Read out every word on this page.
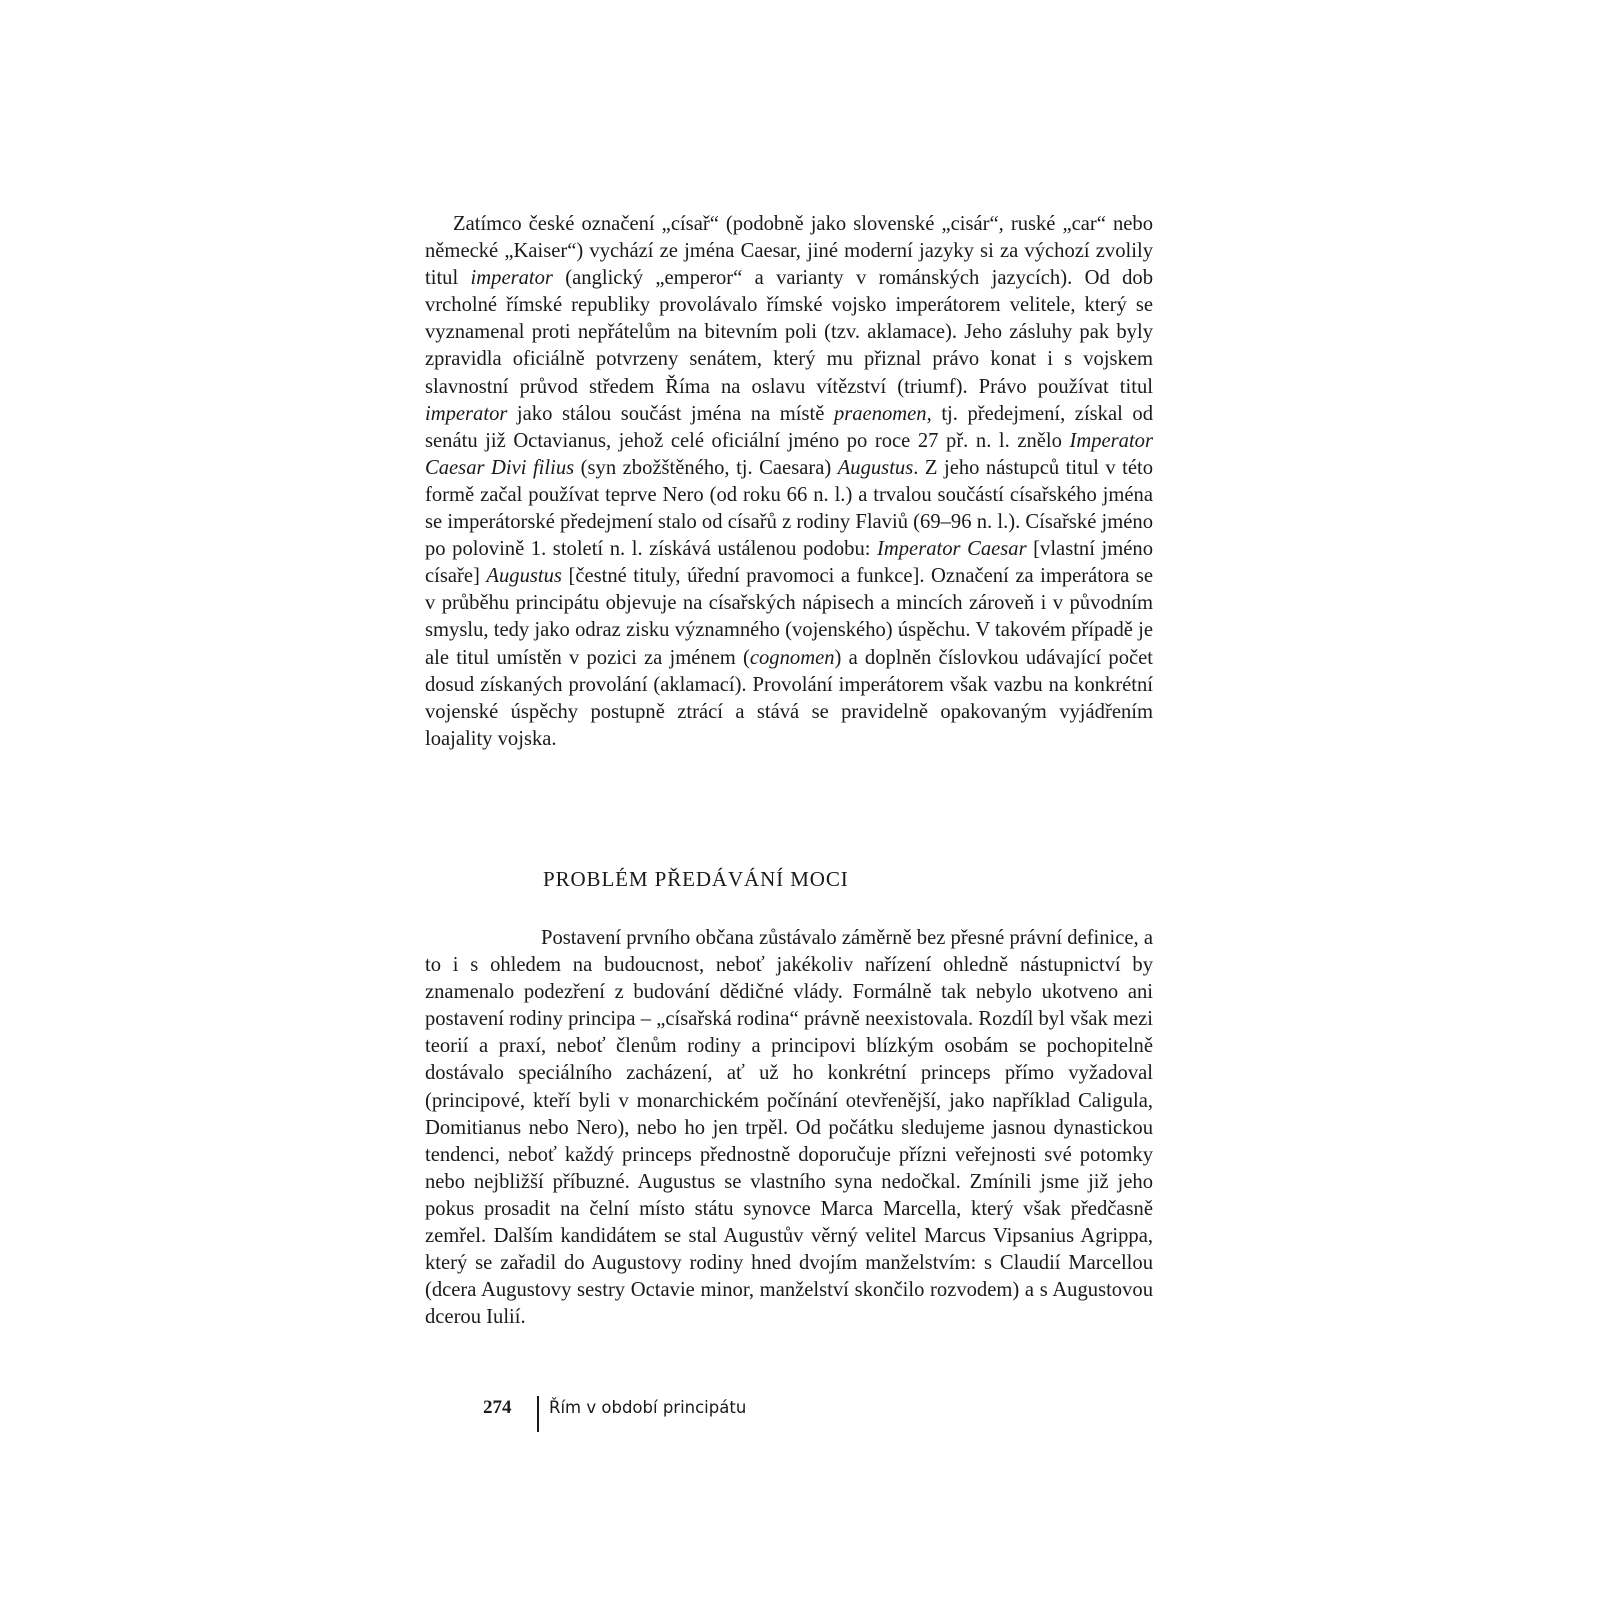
Zatímco české označení „císař“ (podobně jako slovenské „cisár“, ruské „car“ nebo německé „Kaiser“) vychází ze jména Caesar, jiné moderní jazyky si za výchozí zvolily titul imperator (anglický „emperor“ a varianty v románských jazycích). Od dob vrcholné římské republiky provolávalo římské vojsko imperátorem velitele, který se vyznamenal proti nepřátelům na bitevním poli (tzv. aklamace). Jeho zásluhy pak byly zpravidla oficiálně potvrzeny senátem, který mu přiznal právo konat i s vojskem slavnostní průvod středem Říma na oslavu vítězství (triumf). Právo používat titul imperator jako stálou součást jména na místě praenomen, tj. předejmení, získal od senátu již Octavianus, jehož celé oficiální jméno po roce 27 př. n. l. znělo Imperator Caesar Divi filius (syn zbožštěného, tj. Caesara) Augustus. Z jeho nástupců titul v této formě začal používat teprve Nero (od roku 66 n. l.) a trvalou součástí císařského jména se imperátorské předejmení stalo od císařů z rodiny Flaviů (69–96 n. l.). Císařské jméno po polovině 1. století n. l. získává ustálenou podobu: Imperator Caesar [vlastní jméno císaře] Augustus [čestné tituly, úřední pravomoci a funkce]. Označení za imperátora se v průběhu principátu objevuje na císařských nápisech a mincích zároveň i v původním smyslu, tedy jako odraz zisku významného (vojenského) úspěchu. V takovém případě je ale titul umístěn v pozici za jménem (cognomen) a doplněn číslovkou udávající počet dosud získaných provolání (aklamací). Provolání imperátorem však vazbu na konkrétní vojenské úspěchy postupně ztrácí a stává se pravidelně opakovaným vyjádřením loajality vojska.
PROBLÉM PŘEDÁVÁNÍ MOCI
Postavení prvního občana zůstávalo záměrně bez přesné právní definice, a to i s ohledem na budoucnost, neboť jakékoliv nařízení ohledně nástupnictví by znamenalo podezření z budování dědičné vlády. Formálně tak nebylo ukotveno ani postavení rodiny principa – „císařská rodina“ právně neexistovala. Rozdíl byl však mezi teorií a praxí, neboť členům rodiny a principovi blízkým osobám se pochopitelně dostávalo speciálního zacházení, ať už ho konkrétní princeps přímo vyžadoval (principové, kteří byli v monarchickém počínání otevřenější, jako například Caligula, Domitianus nebo Nero), nebo ho jen trpěl. Od počátku sledujeme jasnou dynastickou tendenci, neboť každý princeps přednostně doporučuje přízni veřejnosti své potomky nebo nejbližší příbuzné. Augustus se vlastního syna nedočkal. Zmínili jsme již jeho pokus prosadit na čelní místo státu synovce Marca Marcella, který však předčasně zemřel. Dalším kandidátem se stal Augustův věrný velitel Marcus Vipsanius Agrippa, který se zařadil do Augustovy rodiny hned dvojím manželstvím: s Claudií Marcellou (dcera Augustovy sestry Octavie minor, manželství skončilo rozvodem) a s Augustovou dcerou Iulií.
274	Řím v období principátu
